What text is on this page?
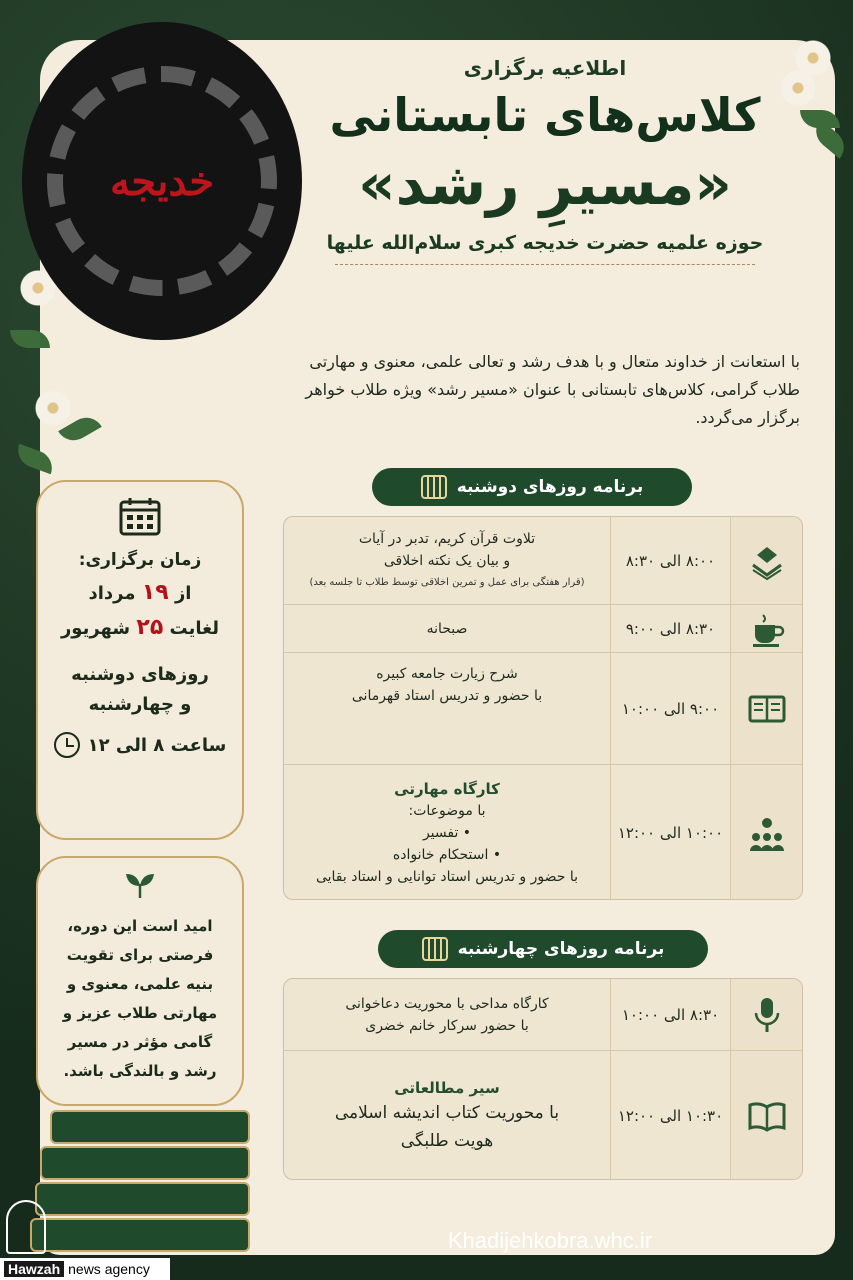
خدیجه
اطلاعیه برگزاری
کلاس‌های تابستانی
«مسیرِ رشد»
حوزه علمیه حضرت خدیجه کبری سلام‌الله علیها
با استعانت از خداوند متعال و با هدف رشد و تعالی علمی، معنوی و مهارتی طلاب گرامی، کلاس‌های تابستانی با عنوان «مسیر رشد» ویژه طلاب خواهر برگزار می‌گردد.
برنامه روزهای دوشنبه
۸:۰۰ الی ۸:۳۰
تلاوت قرآن کریم، تدبر در آیات
و بیان یک نکته اخلاقی
(قرار هفتگی برای عمل و تمرین اخلاقی توسط طلاب تا جلسه بعد)
۸:۳۰ الی ۹:۰۰
صبحانه
۹:۰۰ الی ۱۰:۰۰
شرح زیارت جامعه کبیره
با حضور و تدریس استاد قهرمانی
۱۰:۰۰ الی ۱۲:۰۰
کارگاه مهارتی
با موضوعات:
• تفسیر
• استحکام خانواده
با حضور و تدریس استاد توانایی و استاد بقایی
برنامه روزهای چهارشنبه
۸:۳۰ الی ۱۰:۰۰
کارگاه مداحی با محوریت دعاخوانی
با حضور سرکار خانم خضری
۱۰:۳۰ الی ۱۲:۰۰
سیر مطالعاتی
با محوریت کتاب اندیشه اسلامی
هویت طلبگی
زمان برگزاری:
از ۱۹ مرداد
لغایت ۲۵ شهریور
روزهای دوشنبه
و چهارشنبه
ساعت ۸ الی ۱۲
امید است این دوره، فرصتی برای تقویت بنیه علمی، معنوی و مهارتی طلاب عزیز و گامی مؤثر در مسیر رشد و بالندگی باشد.
Khadijehkobra.whc.ir
Hawzah news agency
